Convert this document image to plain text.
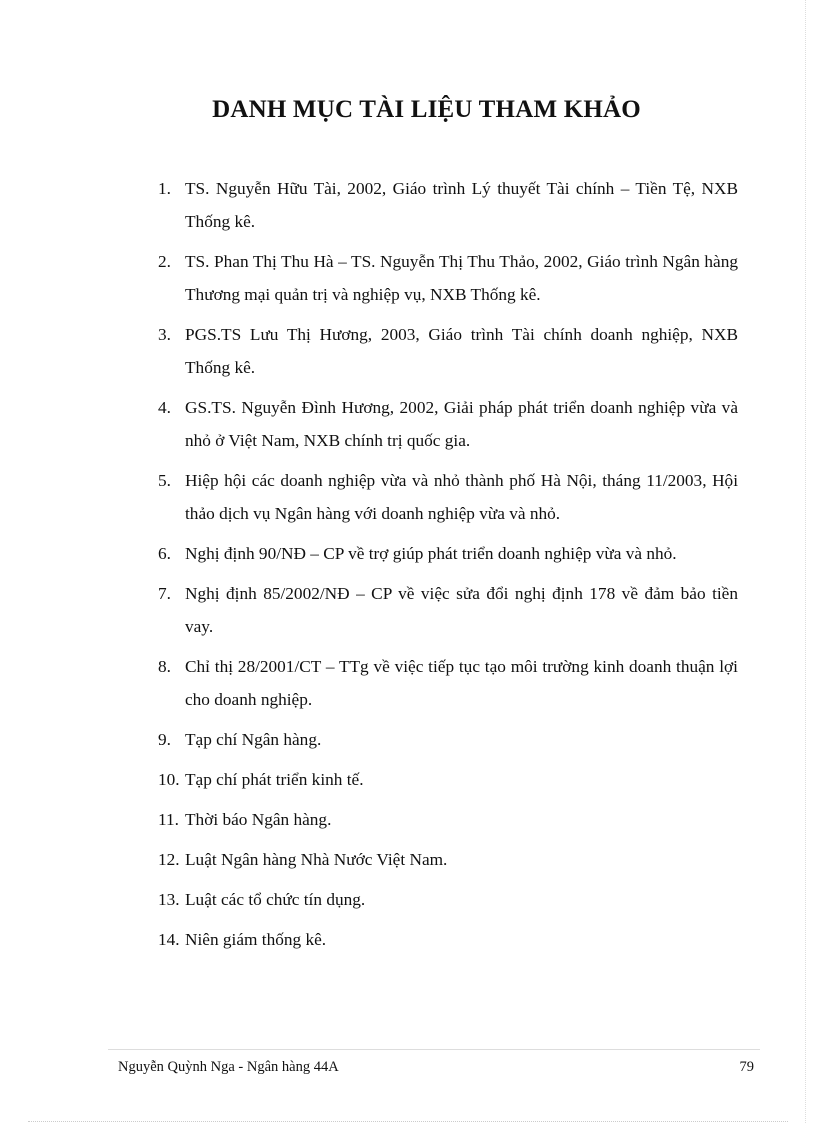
DANH MỤC TÀI LIỆU THAM KHẢO
1. TS. Nguyễn Hữu Tài, 2002, Giáo trình Lý thuyết Tài chính – Tiền Tệ, NXB Thống kê.
2. TS. Phan Thị Thu Hà – TS. Nguyễn Thị Thu Thảo, 2002, Giáo trình Ngân hàng Thương mại quản trị và nghiệp vụ, NXB Thống kê.
3. PGS.TS Lưu Thị Hương, 2003, Giáo trình Tài chính doanh nghiệp, NXB Thống kê.
4. GS.TS. Nguyễn Đình Hương, 2002, Giải pháp phát triển doanh nghiệp vừa và nhỏ ở Việt Nam, NXB chính trị quốc gia.
5. Hiệp hội các doanh nghiệp vừa và nhỏ thành phố Hà Nội, tháng 11/2003, Hội thảo dịch vụ Ngân hàng với doanh nghiệp vừa và nhỏ.
6. Nghị định 90/NĐ – CP về trợ giúp phát triển doanh nghiệp vừa và nhỏ.
7. Nghị định 85/2002/NĐ – CP về việc sửa đổi nghị định 178 về đảm bảo tiền vay.
8. Chỉ thị 28/2001/CT – TTg về việc tiếp tục tạo môi trường kinh doanh thuận lợi cho doanh nghiệp.
9. Tạp chí Ngân hàng.
10. Tạp chí phát triển kinh tế.
11. Thời báo Ngân hàng.
12. Luật Ngân hàng Nhà Nước Việt Nam.
13. Luật các tổ chức tín dụng.
14. Niên giám thống kê.
Nguyễn Quỳnh Nga - Ngân hàng 44A	79
